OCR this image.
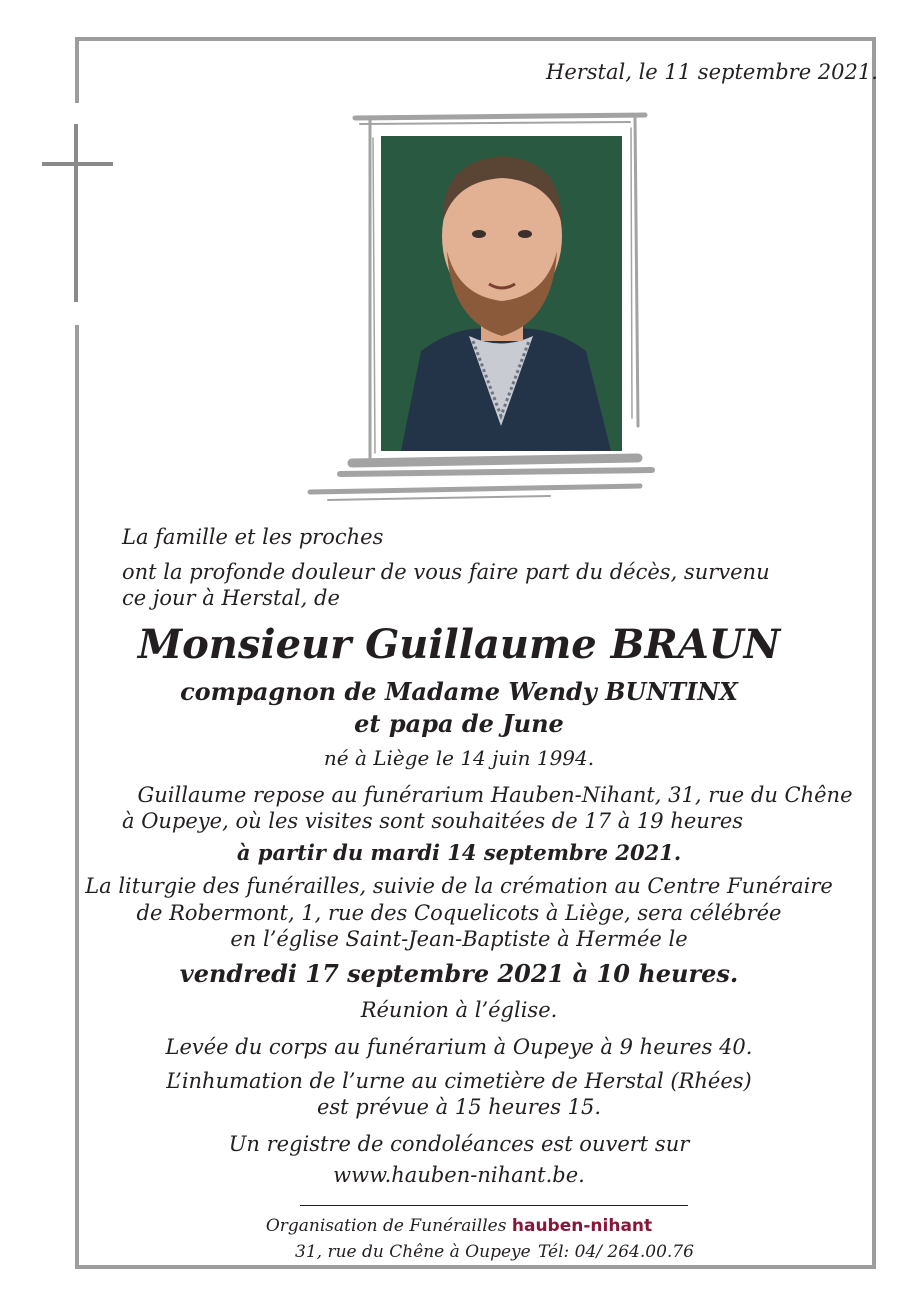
Herstal, le 11 septembre 2021.
La famille et les proches
ont la profonde douleur de vous faire part du décès, survenu
ce jour à Herstal, de
Monsieur Guillaume BRAUN
compagnon de Madame Wendy BUNTINX
et papa de June
né à Liège le 14 juin 1994.
Guillaume repose au funérarium Hauben-Nihant, 31, rue du Chêne
à Oupeye, où les visites sont souhaitées de 17 à 19 heures
à partir du mardi 14 septembre 2021.
La liturgie des funérailles, suivie de la crémation au Centre Funéraire
de Robermont, 1, rue des Coquelicots à Liège, sera célébrée
en l’église Saint-Jean-Baptiste à Hermée le
vendredi 17 septembre 2021 à 10 heures.
Réunion à l’église.
Levée du corps au funérarium à Oupeye à 9 heures 40.
L’inhumation de l’urne au cimetière de Herstal (Rhées)
est prévue à 15 heures 15.
Un registre de condoléances est ouvert sur
www.hauben-nihant.be.
Organisation de Funérailles hauben-nihant
31, rue du Chêne à Oupeye Tél: 04/ 264.00.76
